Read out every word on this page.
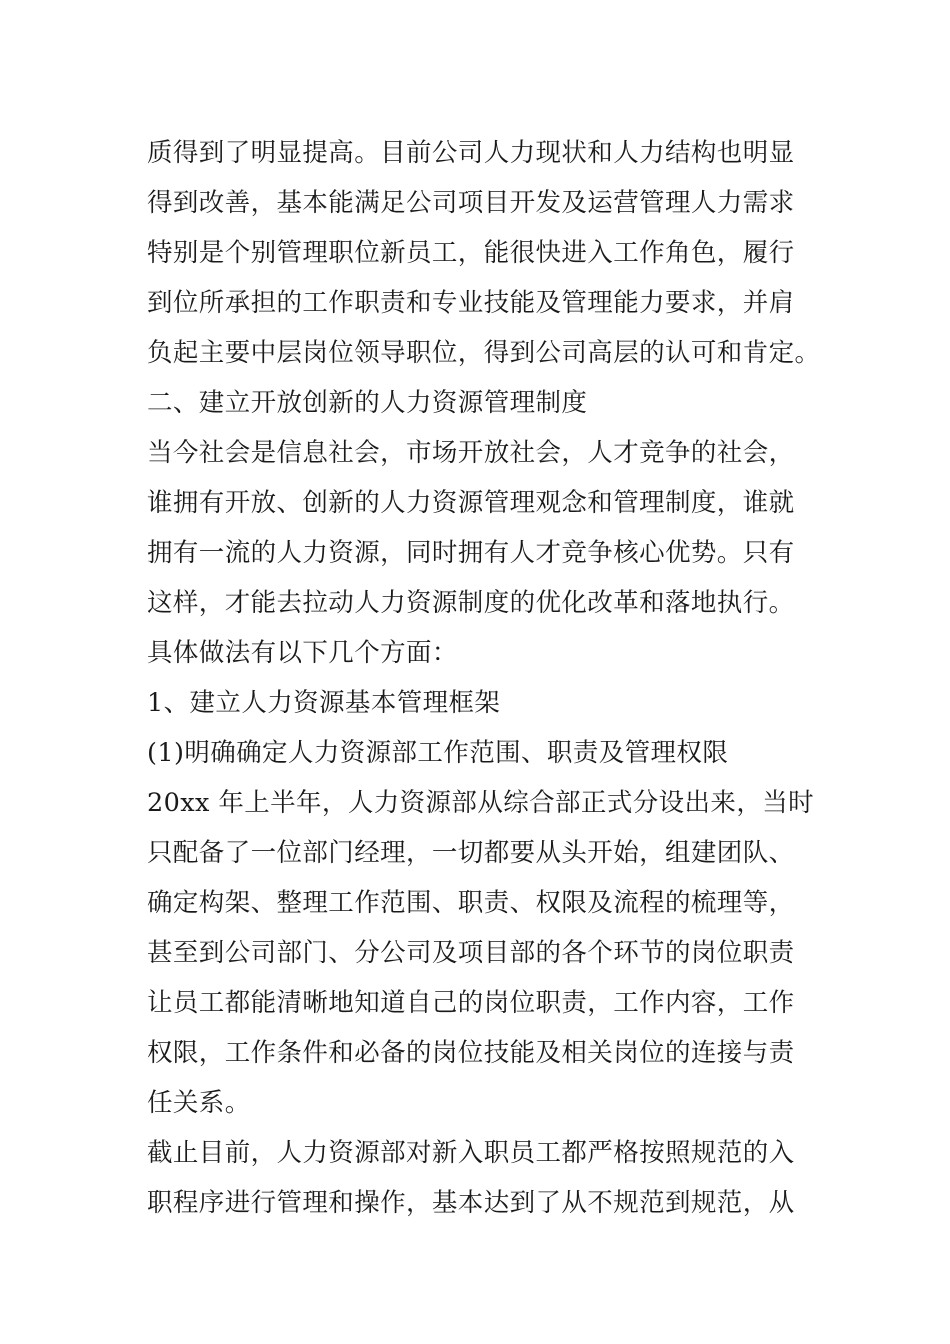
质得到了明显提高。目前公司人力现状和人力结构也明显
得到改善，基本能满足公司项目开发及运营管理人力需求
特别是个别管理职位新员工，能很快进入工作角色，履行
到位所承担的工作职责和专业技能及管理能力要求，并肩
负起主要中层岗位领导职位，得到公司高层的认可和肯定。
二、建立开放创新的人力资源管理制度
当今社会是信息社会，市场开放社会，人才竞争的社会，
谁拥有开放、创新的人力资源管理观念和管理制度，谁就
拥有一流的人力资源，同时拥有人才竞争核心优势。只有
这样，才能去拉动人力资源制度的优化改革和落地执行。
具体做法有以下几个方面：
1、建立人力资源基本管理框架
(1)明确确定人力资源部工作范围、职责及管理权限
20xx 年上半年，人力资源部从综合部正式分设出来，当时
只配备了一位部门经理，一切都要从头开始，组建团队、
确定构架、整理工作范围、职责、权限及流程的梳理等，
甚至到公司部门、分公司及项目部的各个环节的岗位职责
让员工都能清晰地知道自己的岗位职责，工作内容，工作
权限，工作条件和必备的岗位技能及相关岗位的连接与责
任关系。
截止目前，人力资源部对新入职员工都严格按照规范的入
职程序进行管理和操作，基本达到了从不规范到规范，从
